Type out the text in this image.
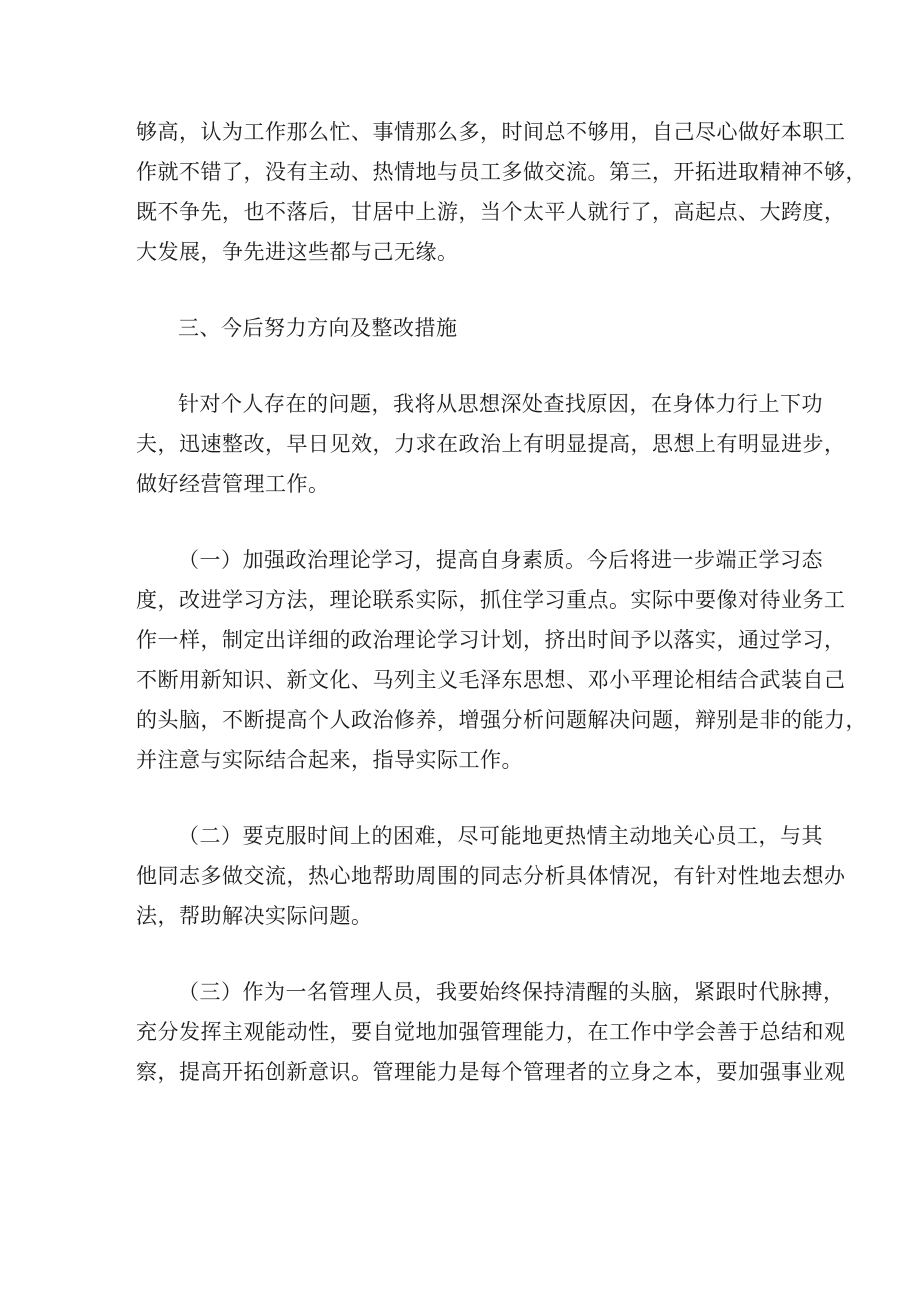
够高，认为工作那么忙、事情那么多，时间总不够用，自己尽心做好本职工
作就不错了，没有主动、热情地与员工多做交流。第三，开拓进取精神不够，
既不争先，也不落后，甘居中上游，当个太平人就行了，高起点、大跨度，
大发展，争先进这些都与己无缘。
三、今后努力方向及整改措施
针对个人存在的问题，我将从思想深处查找原因，在身体力行上下功
夫，迅速整改，早日见效，力求在政治上有明显提高，思想上有明显进步，
做好经营管理工作。
（一）加强政治理论学习，提高自身素质。今后将进一步端正学习态
度，改进学习方法，理论联系实际，抓住学习重点。实际中要像对待业务工
作一样，制定出详细的政治理论学习计划，挤出时间予以落实，通过学习，
不断用新知识、新文化、马列主义毛泽东思想、邓小平理论相结合武装自己
的头脑，不断提高个人政治修养，增强分析问题解决问题，辩别是非的能力，
并注意与实际结合起来，指导实际工作。
（二）要克服时间上的困难，尽可能地更热情主动地关心员工，与其
他同志多做交流，热心地帮助周围的同志分析具体情况，有针对性地去想办
法，帮助解决实际问题。
（三）作为一名管理人员，我要始终保持清醒的头脑，紧跟时代脉搏，
充分发挥主观能动性，要自觉地加强管理能力，在工作中学会善于总结和观
察，提高开拓创新意识。管理能力是每个管理者的立身之本，要加强事业观
